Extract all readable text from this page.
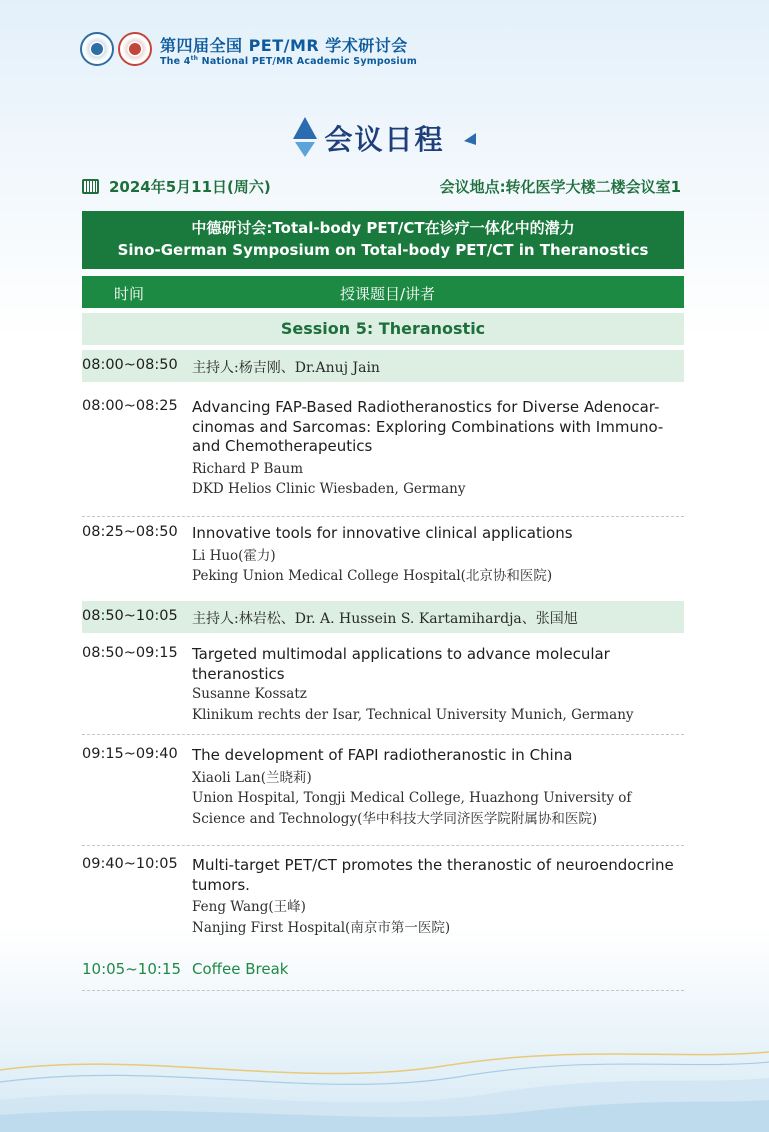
第四届全国 PET/MR 学术研讨会
The 4th National PET/MR Academic Symposium
会议日程
2024年5月11日(周六)	会议地点:转化医学大楼二楼会议室1
中德研讨会:Total-body PET/CT在诊疗一体化中的潜力
Sino-German Symposium on Total-body PET/CT in Theranostics
时间	授课题目/讲者
Session 5: Theranostic
08:00~08:50 主持人:杨吉刚、Dr.Anuj Jain
08:00~08:25 Advancing FAP-Based Radiotheranostics for Diverse Adenocar-cinomas and Sarcomas: Exploring Combinations with Immuno-and Chemotherapeutics
Richard P Baum
DKD Helios Clinic Wiesbaden, Germany
08:25~08:50 Innovative tools for innovative clinical applications
Li Huo(霍力)
Peking Union Medical College Hospital(北京协和医院)
08:50~10:05 主持人:林岩松、Dr. A. Hussein S. Kartamihardja、张国旭
08:50~09:15 Targeted multimodal applications to advance molecular theranostics
Susanne Kossatz
Klinikum rechts der Isar, Technical University Munich, Germany
09:15~09:40 The development of FAPI radiotheranostic in China
Xiaoli Lan(兰晓莉)
Union Hospital, Tongji Medical College, Huazhong University of Science and Technology(华中科技大学同济医学院附属协和医院)
09:40~10:05 Multi-target PET/CT promotes the theranostic of neuroendocrine tumors.
Feng Wang(王峰)
Nanjing First Hospital(南京市第一医院)
10:05~10:15 Coffee Break
